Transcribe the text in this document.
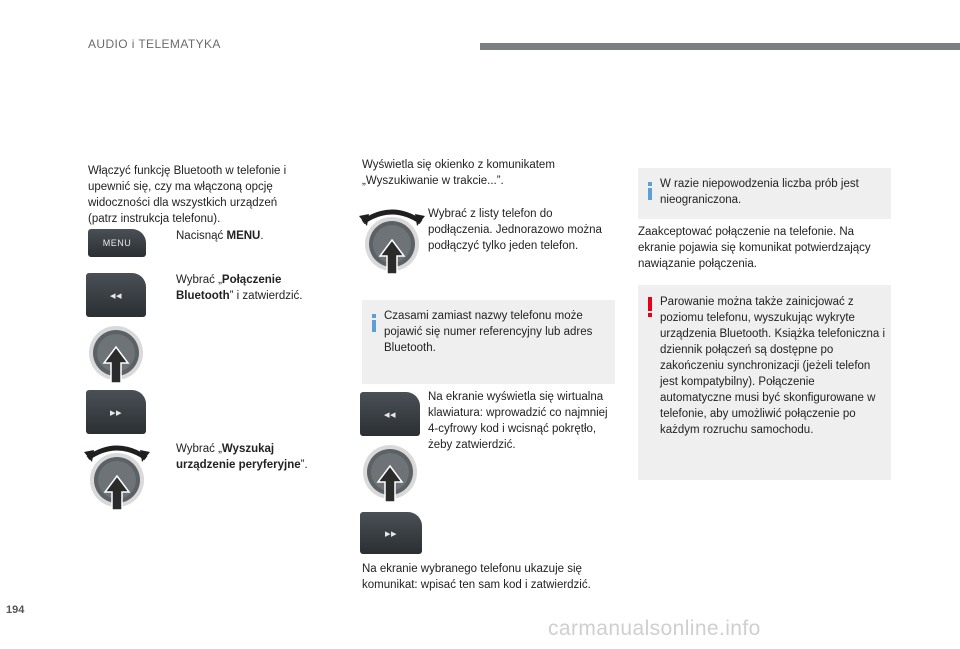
AUDIO i TELEMATYKA
Włączyć funkcję Bluetooth w telefonie i upewnić się, czy ma włączoną opcję widoczności dla wszystkich urządzeń (patrz instrukcja telefonu).
MENU
Nacisnąć MENU.
◂◂
Wybrać „Połączenie Bluetooth” i zatwierdzić.
▸▸
Wybrać „Wyszukaj urządzenie peryferyjne”.
Wyświetla się okienko z komunikatem „Wyszukiwanie w trakcie...”.
Wybrać z listy telefon do podłączenia. Jednorazowo można podłączyć tylko jeden telefon.
Czasami zamiast nazwy telefonu może pojawić się numer referencyjny lub adres Bluetooth.
◂◂
Na ekranie wyświetla się wirtualna klawiatura: wprowadzić co najmniej 4-cyfrowy kod i wcisnąć pokrętło, żeby zatwierdzić.
▸▸
Na ekranie wybranego telefonu ukazuje się komunikat: wpisać ten sam kod i zatwierdzić.
W razie niepowodzenia liczba prób jest nieograniczona.
Zaakceptować połączenie na telefonie. Na ekranie pojawia się komunikat potwierdzający nawiązanie połączenia.
Parowanie można także zainicjować z poziomu telefonu, wyszukując wykryte urządzenia Bluetooth. Książka telefoniczna i dziennik połączeń są dostępne po zakończeniu synchronizacji (jeżeli telefon jest kompatybilny). Połączenie automatyczne musi być skonfigurowane w telefonie, aby umożliwić połączenie po każdym rozruchu samochodu.
194
carmanualsonline.info
